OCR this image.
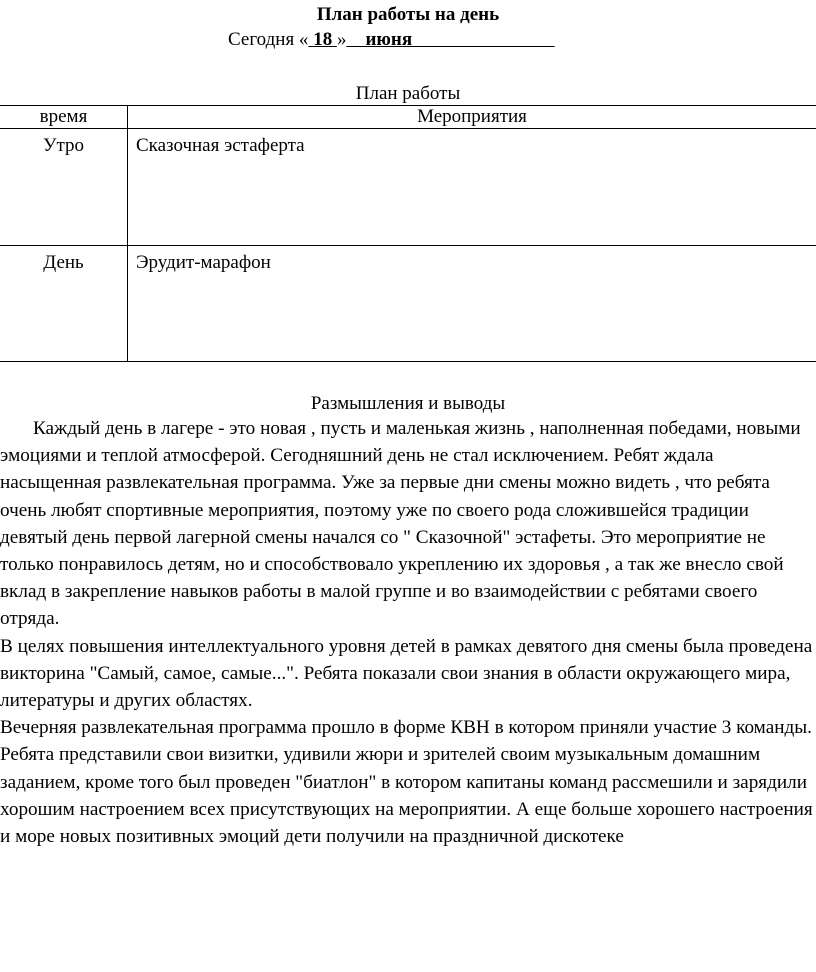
План работы на день
Сегодня « 18 » июня
План работы
время	Мероприятия
Утро	Сказочная эстаферта
День	Эрудит-марафон
Размышления и выводы

Каждый день в лагере - это новая , пусть и маленькая жизнь , наполненная победами, новыми эмоциями и теплой атмосферой. Сегодняшний день не стал исключением. Ребят ждала насыщенная развлекательная программа. Уже за первые дни смены можно видеть , что ребята очень любят спортивные мероприятия, поэтому уже по своего рода сложившейся традиции девятый день первой лагерной смены начался со " Сказочной" эстафеты. Это мероприятие не только понравилось детям, но и способствовало укреплению их здоровья , а так же внесло свой вклад в закрепление навыков работы в малой группе и во взаимодействии с ребятами своего отряда.

В целях повышения интеллектуального уровня детей в рамках девятого дня смены была проведена викторина "Самый, самое, самые...". Ребята показали свои знания в области окружающего мира, литературы и других областях.

Вечерняя развлекательная программа прошло в форме КВН в котором приняли участие 3 команды. Ребята представили свои визитки, удивили жюри и зрителей своим музыкальным домашним заданием, кроме того был проведен "биатлон" в котором капитаны команд рассмешили и зарядили хорошим настроением всех присутствующих на мероприятии. А еще больше хорошего настроения и море новых позитивных эмоций дети получили на праздничной дискотеке
